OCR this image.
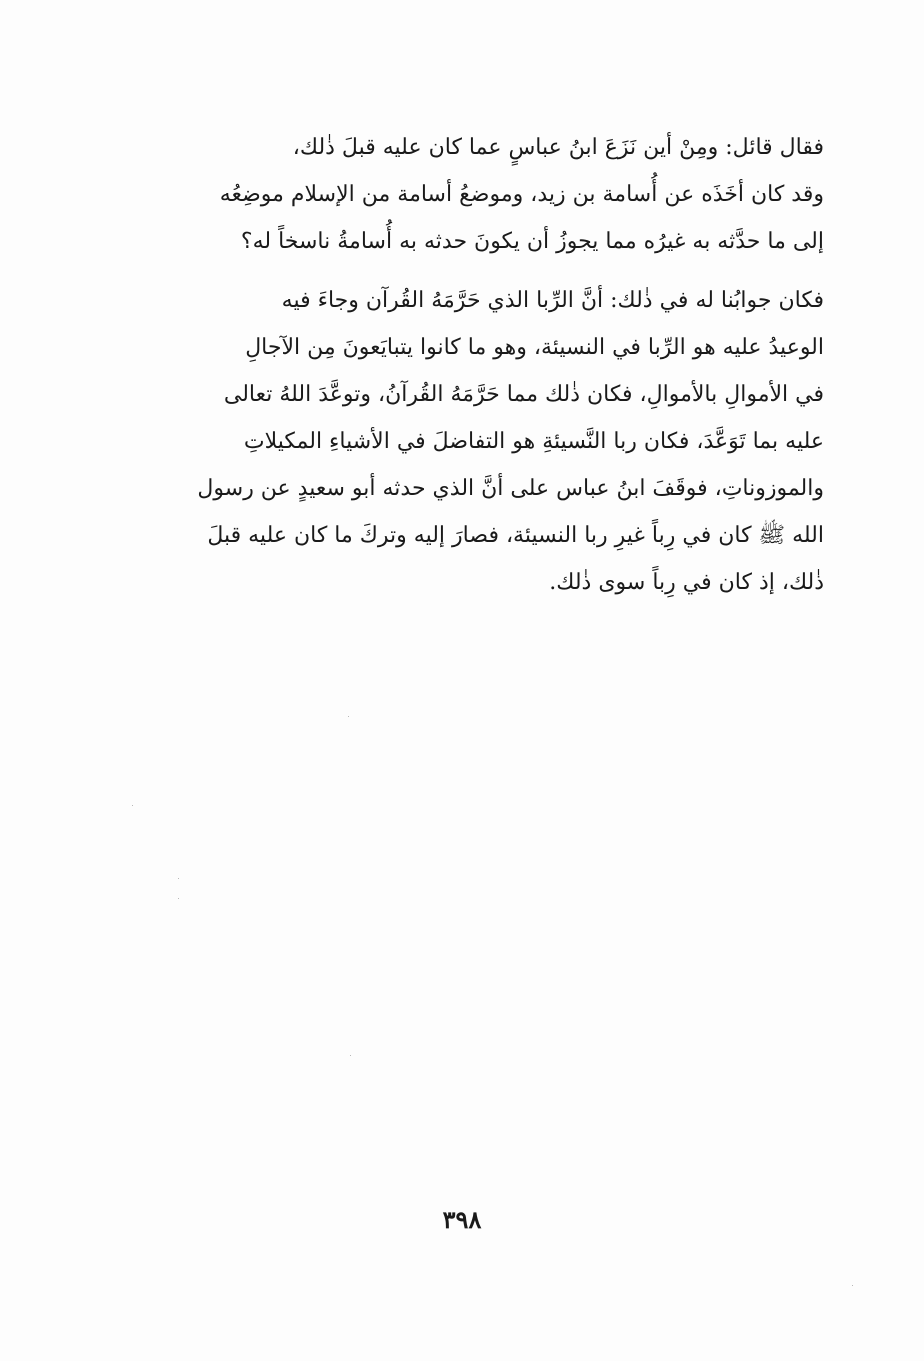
فقال قائل: ومِنْ أين نَزَعَ ابنُ عباسٍ عما كان عليه قبلَ ذٰلك،
وقد كان أخَذَه عن أُسامة بن زيد، وموضعُ أسامة من الإسلام موضِعُه
إلى ما حدَّثه به غيرُه مما يجوزُ أن يكونَ حدثه به أُسامةُ ناسخاً له؟
فكان جوابُنا له في ذٰلك: أنَّ الرِّبا الذي حَرَّمَهُ القُرآن وجاءَ فيه
الوعيدُ عليه هو الرِّبا في النسيئة، وهو ما كانوا يتبايَعونَ مِن الآجالِ
في الأموالِ بالأموالِ، فكان ذٰلك مما حَرَّمَهُ القُرآنُ، وتوعَّدَ اللهُ تعالى
عليه بما تَوَعَّدَ، فكان ربا النَّسيئةِ هو التفاضلَ في الأشياءِ المكيلاتِ
والموزوناتِ، فوقَفَ ابنُ عباس على أنَّ الذي حدثه أبو سعيدٍ عن رسول
الله ﷺ كان في رِباً غيرِ ربا النسيئة، فصارَ إليه وتركَ ما كان عليه قبلَ
ذٰلك، إذ كان في رِباً سوى ذٰلك.
٣٩٨
